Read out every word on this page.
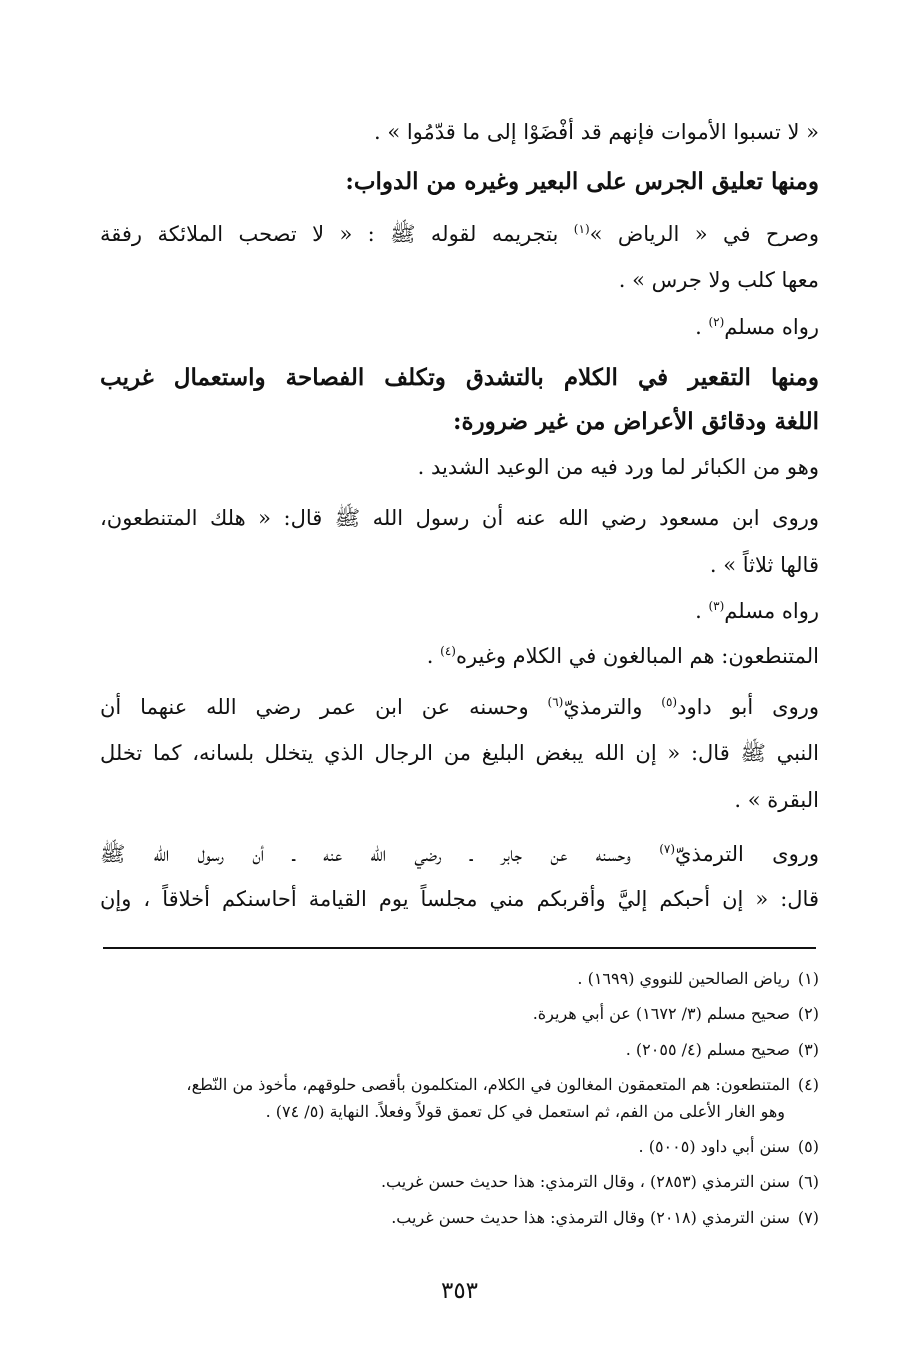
« لا تسبوا الأموات فإنهم قد أفْضَوْا إلى ما قدّمُوا » .
ومنها تعليق الجرس على البعير وغيره من الدواب:
وصرح في « الرياض »$^{(١)}$ بتجريمه لقوله ﷺ : « لا تصحب الملائكة رفقة
معها كلب ولا جرس » .
رواه مسلم$^{(٢)}$ .
ومنها التقعير في الكلام بالتشدق وتكلف الفصاحة واستعمال غريب
اللغة ودقائق الأعراض من غير ضرورة:
وهو من الكبائر لما ورد فيه من الوعيد الشديد .
وروى ابن مسعود رضي الله عنه أن رسول الله ﷺ قال: « هلك المتنطعون،
قالها ثلاثاً » .
رواه مسلم$^{(٣)}$ .
المتنطعون: هم المبالغون في الكلام وغيره$^{(٤)}$ .
وروى أبو داود$^{(٥)}$ والترمذيّ$^{(٦)}$ وحسنه عن ابن عمر رضي الله عنهما أن
النبي ﷺ قال: « إن الله يبغض البليغ من الرجال الذي يتخلل بلسانه، كما تخلل
البقرة » .
وروى الترمذيّ$^{(٧)}$ وحسنه عن جابر ـ رضي الله عنه ـ أن رسول الله ﷺ
قال: « إن أحبكم إليَّ وأقربكم مني مجلساً يوم القيامة أحاسنكم أخلاقاً ، وإن
(١)رياض الصالحين للنووي (١٦٩٩) .
(٢)صحيح مسلم (٣/ ١٦٧٢) عن أبي هريرة.
(٣)صحيح مسلم (٤/ ٢٠٥٥) .
(٤)المتنطعون: هم المتعمقون المغالون في الكلام، المتكلمون بأقصى حلوقهم، مأخوذ من النّطع،
وهو الغار الأعلى من الفم، ثم استعمل في كل تعمق قولاً وفعلاً. النهاية (٥/ ٧٤) .
(٥)سنن أبي داود (٥٠٠٥) .
(٦)سنن الترمذي (٢٨٥٣) ، وقال الترمذي: هذا حديث حسن غريب.
(٧)سنن الترمذي (٢٠١٨) وقال الترمذي: هذا حديث حسن غريب.
٣٥٣
